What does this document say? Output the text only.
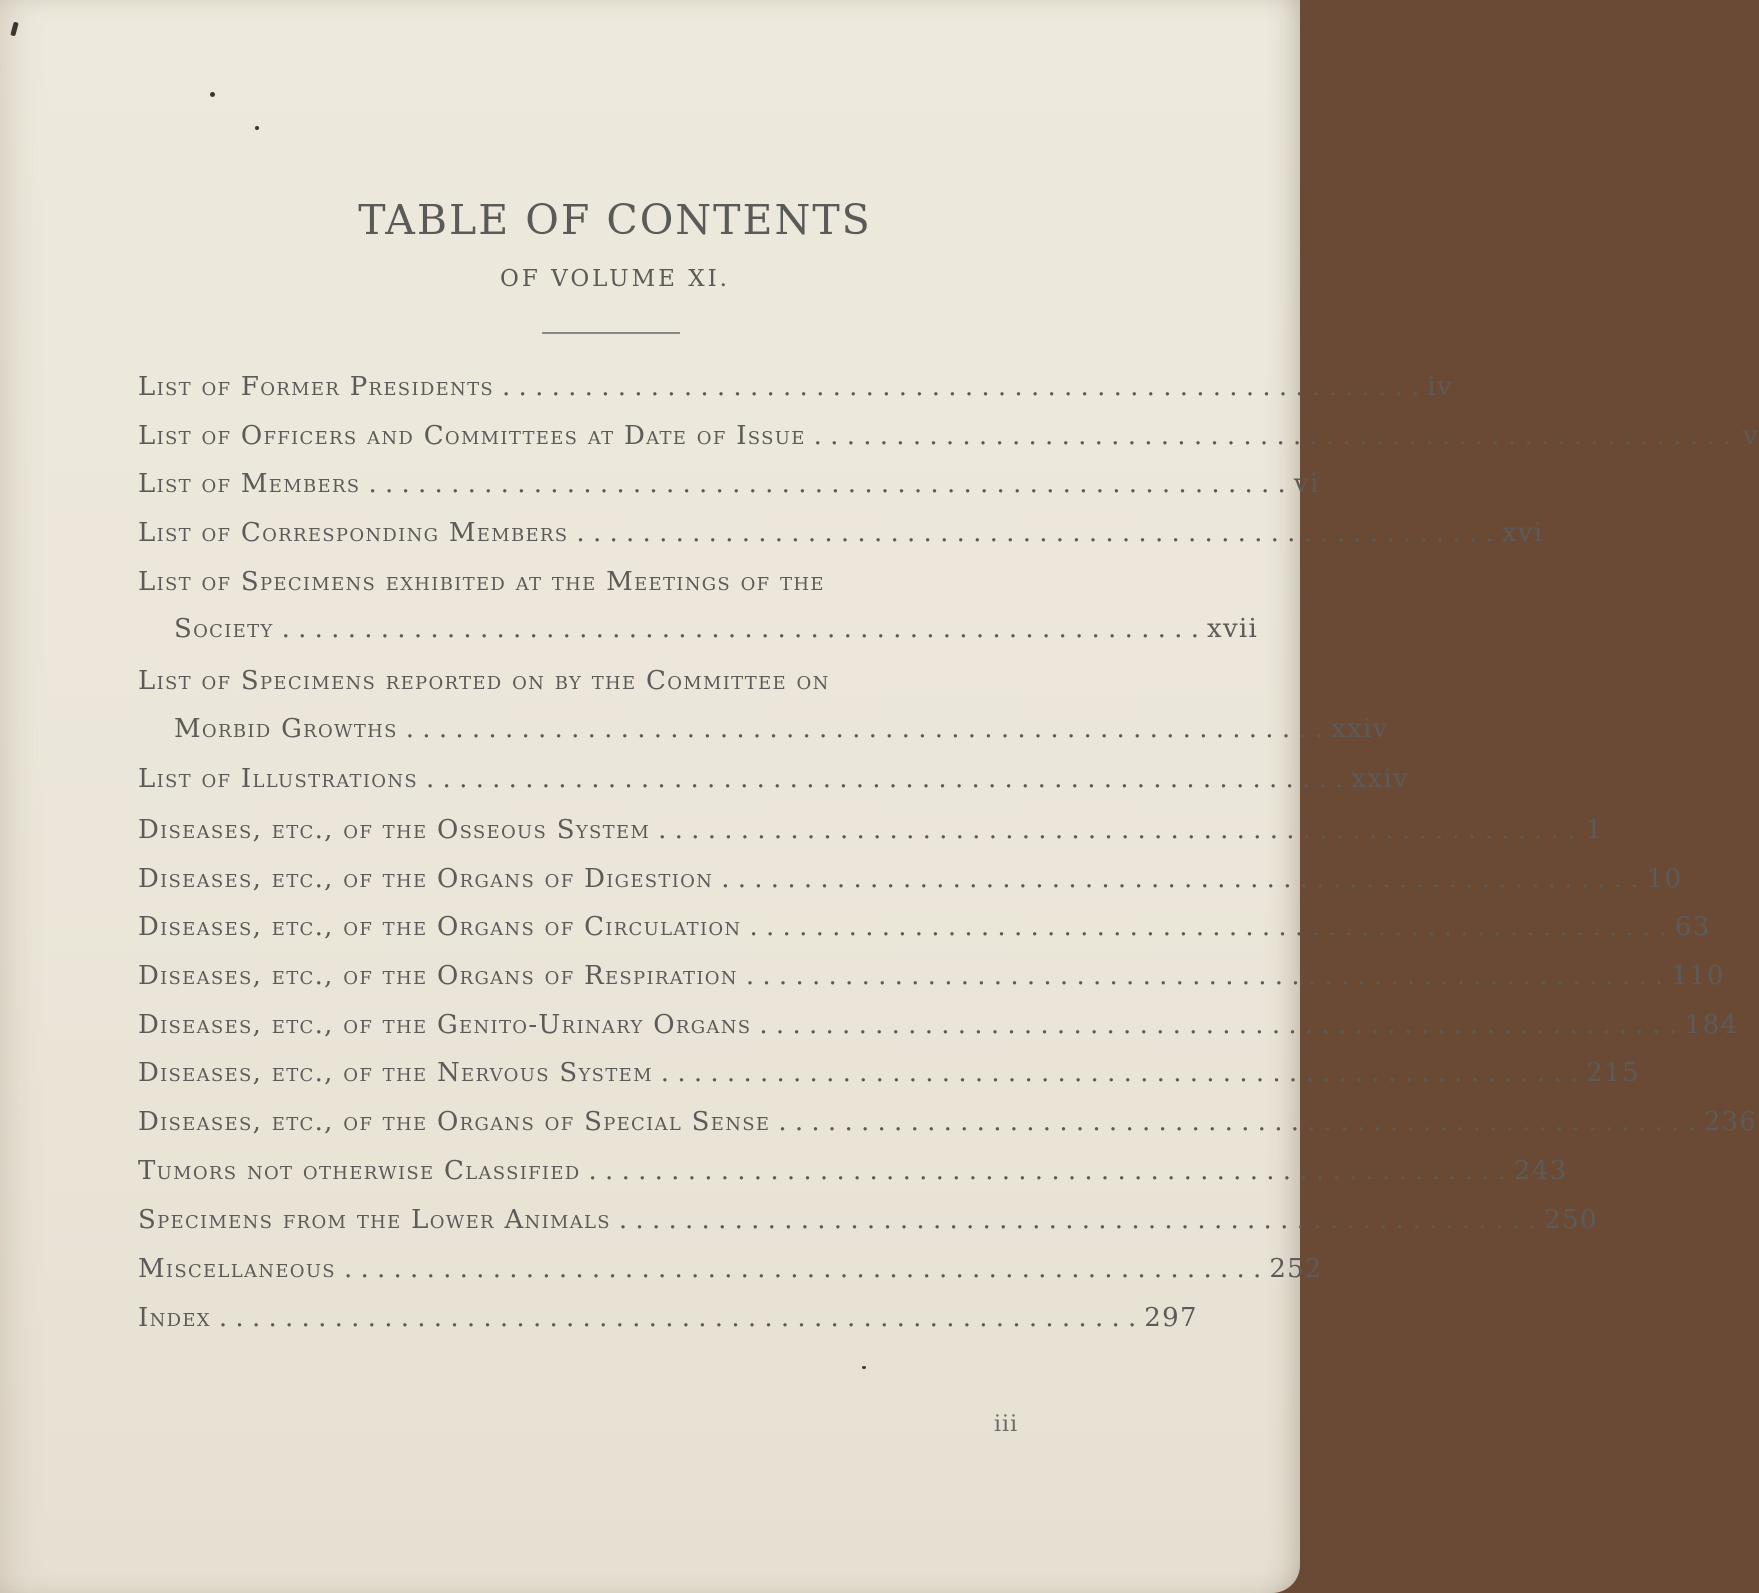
TABLE OF CONTENTS
OF VOLUME XI.
List of Former Presidents . . . . . . . . . . . . . . . . . . . . . . . . . . . . . . . . . . . . . . . . . . . . . . . . . . . . . . . . iv
List of Officers and Committees at Date of Issue . . . . . . . . . . . . . . . . . . . . . . . . . . . . . . . . . . . . . . . . . . . . . . . . . . . . . . . . v
List of Members . . . . . . . . . . . . . . . . . . . . . . . . . . . . . . . . . . . . . . . . . . . . . . . . . . . . . . . . vi
List of Corresponding Members . . . . . . . . . . . . . . . . . . . . . . . . . . . . . . . . . . . . . . . . . . . . . . . . . . . . . . . . xvi
List of Specimens exhibited at the Meetings of the
Society . . . . . . . . . . . . . . . . . . . . . . . . . . . . . . . . . . . . . . . . . . . . . . . . . . . . . . . . xvii
List of Specimens reported on by the Committee on
Morbid Growths . . . . . . . . . . . . . . . . . . . . . . . . . . . . . . . . . . . . . . . . . . . . . . . . . . . . . . . . xxiv
List of Illustrations . . . . . . . . . . . . . . . . . . . . . . . . . . . . . . . . . . . . . . . . . . . . . . . . . . . . . . . . xxiv
Diseases, etc., of the Osseous System . . . . . . . . . . . . . . . . . . . . . . . . . . . . . . . . . . . . . . . . . . . . . . . . . . . . . . . . 1
Diseases, etc., of the Organs of Digestion . . . . . . . . . . . . . . . . . . . . . . . . . . . . . . . . . . . . . . . . . . . . . . . . . . . . . . . . 10
Diseases, etc., of the Organs of Circulation . . . . . . . . . . . . . . . . . . . . . . . . . . . . . . . . . . . . . . . . . . . . . . . . . . . . . . . . 63
Diseases, etc., of the Organs of Respiration . . . . . . . . . . . . . . . . . . . . . . . . . . . . . . . . . . . . . . . . . . . . . . . . . . . . . . . . 110
Diseases, etc., of the Genito-Urinary Organs . . . . . . . . . . . . . . . . . . . . . . . . . . . . . . . . . . . . . . . . . . . . . . . . . . . . . . . . 184
Diseases, etc., of the Nervous System . . . . . . . . . . . . . . . . . . . . . . . . . . . . . . . . . . . . . . . . . . . . . . . . . . . . . . . . 215
Diseases, etc., of the Organs of Special Sense . . . . . . . . . . . . . . . . . . . . . . . . . . . . . . . . . . . . . . . . . . . . . . . . . . . . . . . . 236
Tumors not otherwise Classified . . . . . . . . . . . . . . . . . . . . . . . . . . . . . . . . . . . . . . . . . . . . . . . . . . . . . . . . 243
Specimens from the Lower Animals . . . . . . . . . . . . . . . . . . . . . . . . . . . . . . . . . . . . . . . . . . . . . . . . . . . . . . . . 250
Miscellaneous . . . . . . . . . . . . . . . . . . . . . . . . . . . . . . . . . . . . . . . . . . . . . . . . . . . . . . . . 252
Index . . . . . . . . . . . . . . . . . . . . . . . . . . . . . . . . . . . . . . . . . . . . . . . . . . . . . . . . 297
iii
